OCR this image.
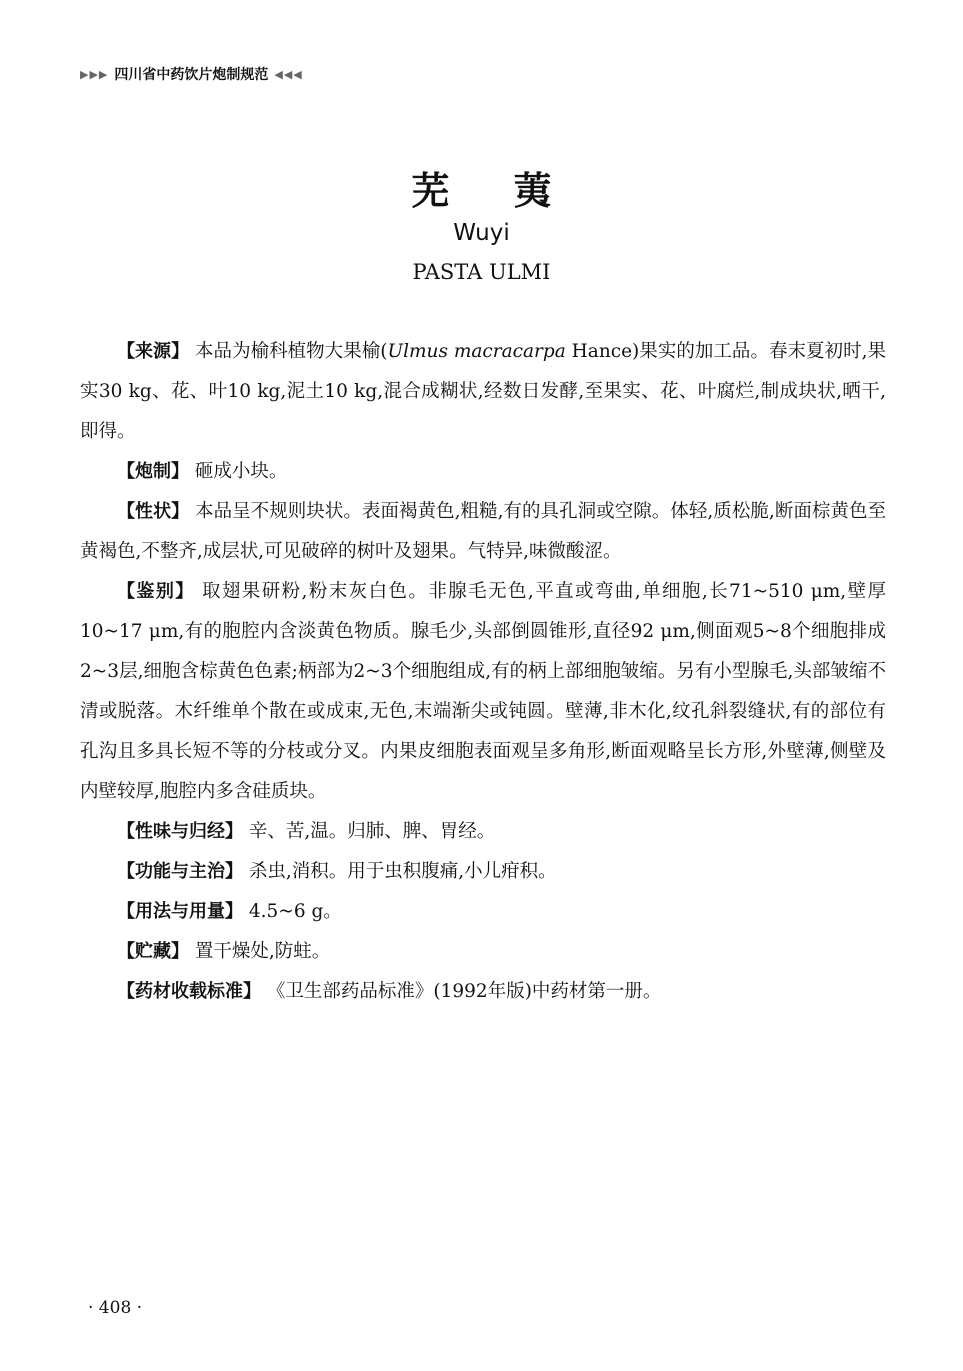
▶▶▶ 四川省中药饮片炮制规范 ◀◀◀
芜荑
Wuyi
PASTA ULMI

【来源】 本品为榆科植物大果榆(Ulmus macracarpa Hance)果实的加工品。春末夏初时,果实30 kg、花、叶10 kg,泥土10 kg,混合成糊状,经数日发酵,至果实、花、叶腐烂,制成块状,晒干,即得。

【炮制】 砸成小块。

【性状】 本品呈不规则块状。表面褐黄色,粗糙,有的具孔洞或空隙。体轻,质松脆,断面棕黄色至黄褐色,不整齐,成层状,可见破碎的树叶及翅果。气特异,味微酸涩。

【鉴别】 取翅果研粉,粉末灰白色。非腺毛无色,平直或弯曲,单细胞,长71~510 μm,壁厚10~17 μm,有的胞腔内含淡黄色物质。腺毛少,头部倒圆锥形,直径92 μm,侧面观5~8个细胞排成2~3层,细胞含棕黄色色素;柄部为2~3个细胞组成,有的柄上部细胞皱缩。另有小型腺毛,头部皱缩不清或脱落。木纤维单个散在或成束,无色,末端渐尖或钝圆。壁薄,非木化,纹孔斜裂缝状,有的部位有孔沟且多具长短不等的分枝或分叉。内果皮细胞表面观呈多角形,断面观略呈长方形,外壁薄,侧壁及内壁较厚,胞腔内多含硅质块。

【性味与归经】 辛、苦,温。归肺、脾、胃经。

【功能与主治】 杀虫,消积。用于虫积腹痛,小儿疳积。

【用法与用量】 4.5~6 g。

【贮藏】 置干燥处,防蛀。

【药材收载标准】 《卫生部药品标准》(1992年版)中药材第一册。

· 408 ·
